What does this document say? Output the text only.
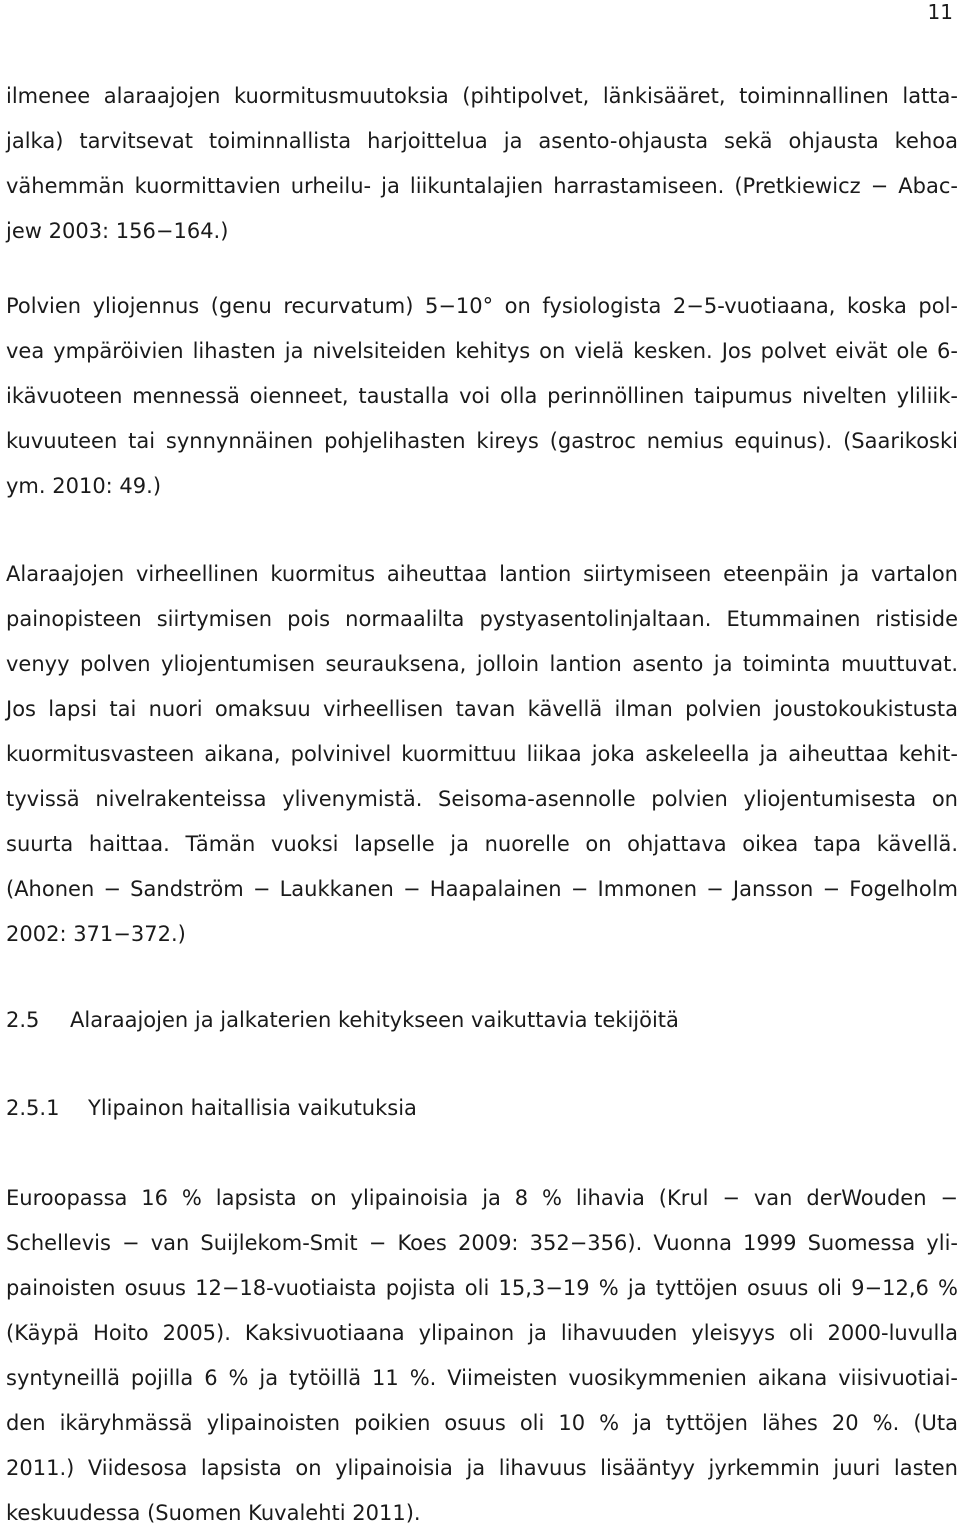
11
ilmenee alaraajojen kuormitusmuutoksia (pihtipolvet, länkisääret, toiminnallinen latta-
jalka) tarvitsevat toiminnallista harjoittelua ja asento-ohjausta sekä ohjausta kehoa
vähemmän kuormittavien urheilu- ja liikuntalajien harrastamiseen. (Pretkiewicz − Abac-
jew 2003: 156−164.)
Polvien yliojennus (genu recurvatum) 5−10° on fysiologista 2−5-vuotiaana, koska pol-
vea ympäröivien lihasten ja nivelsiteiden kehitys on vielä kesken. Jos polvet eivät ole 6-
ikävuoteen mennessä oienneet, taustalla voi olla perinnöllinen taipumus nivelten yliliik-
kuvuuteen tai synnynnäinen pohjelihasten kireys (gastroc nemius equinus). (Saarikoski
ym. 2010: 49.)
Alaraajojen virheellinen kuormitus aiheuttaa lantion siirtymiseen eteenpäin ja vartalon
painopisteen siirtymisen pois normaalilta pystyasentolinjaltaan. Etummainen ristiside
venyy polven yliojentumisen seurauksena, jolloin lantion asento ja toiminta muuttuvat.
Jos lapsi tai nuori omaksuu virheellisen tavan kävellä ilman polvien joustokoukistusta
kuormitusvasteen aikana, polvinivel kuormittuu liikaa joka askeleella ja aiheuttaa kehit-
tyvissä nivelrakenteissa ylivenymistä. Seisoma-asennolle polvien yliojentumisesta on
suurta haittaa. Tämän vuoksi lapselle ja nuorelle on ohjattava oikea tapa kävellä.
(Ahonen − Sandström − Laukkanen − Haapalainen − Immonen − Jansson − Fogelholm
2002: 371−372.)
2.5 Alaraajojen ja jalkaterien kehitykseen vaikuttavia tekijöitä
2.5.1 Ylipainon haitallisia vaikutuksia
Euroopassa 16 % lapsista on ylipainoisia ja 8 % lihavia (Krul − van derWouden −
Schellevis − van Suijlekom-Smit − Koes 2009: 352−356). Vuonna 1999 Suomessa yli-
painoisten osuus 12−18-vuotiaista pojista oli 15,3−19 % ja tyttöjen osuus oli 9−12,6 %
(Käypä Hoito 2005). Kaksivuotiaana ylipainon ja lihavuuden yleisyys oli 2000-luvulla
syntyneillä pojilla 6 % ja tytöillä 11 %. Viimeisten vuosikymmenien aikana viisivuotiai-
den ikäryhmässä ylipainoisten poikien osuus oli 10 % ja tyttöjen lähes 20 %. (Uta
2011.) Viidesosa lapsista on ylipainoisia ja lihavuus lisääntyy jyrkemmin juuri lasten
keskuudessa (Suomen Kuvalehti 2011).
